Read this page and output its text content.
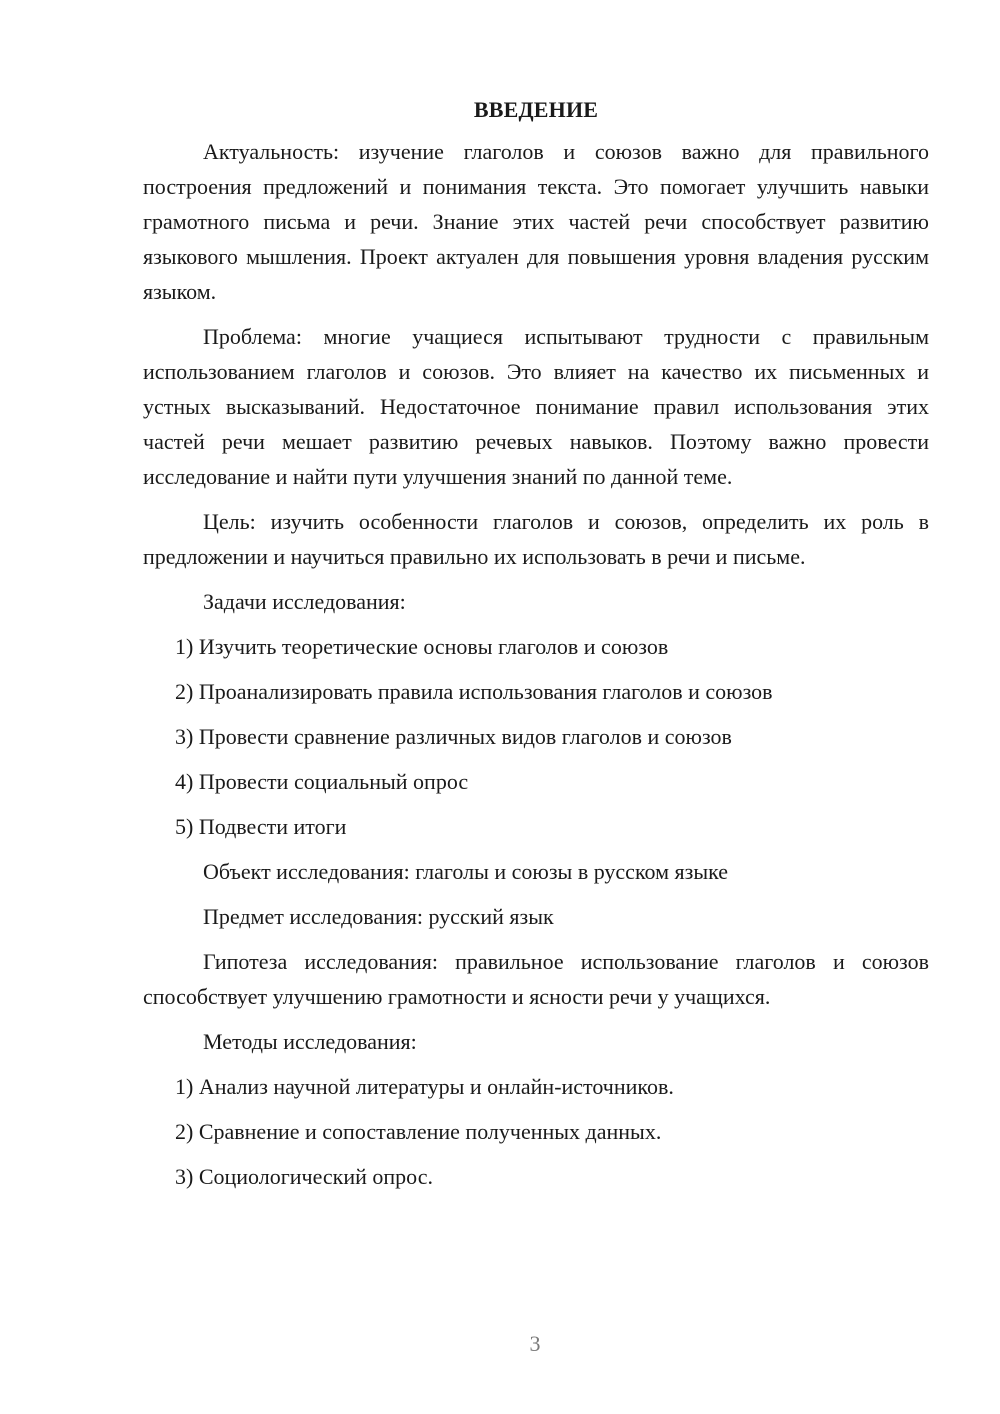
ВВЕДЕНИЕ

Актуальность: изучение глаголов и союзов важно для правильного построения предложений и понимания текста. Это помогает улучшить навыки грамотного письма и речи. Знание этих частей речи способствует развитию языкового мышления. Проект актуален для повышения уровня владения русским языком.

Проблема: многие учащиеся испытывают трудности с правильным использованием глаголов и союзов. Это влияет на качество их письменных и устных высказываний. Недостаточное понимание правил использования этих частей речи мешает развитию речевых навыков. Поэтому важно провести исследование и найти пути улучшения знаний по данной теме.

Цель: изучить особенности глаголов и союзов, определить их роль в предложении и научиться правильно их использовать в речи и письме.

Задачи исследования:

1) Изучить теоретические основы глаголов и союзов

2) Проанализировать правила использования глаголов и союзов

3) Провести сравнение различных видов глаголов и союзов

4) Провести социальный опрос

5) Подвести итоги

Объект исследования: глаголы и союзы в русском языке

Предмет исследования: русский язык

Гипотеза исследования: правильное использование глаголов и союзов способствует улучшению грамотности и ясности речи у учащихся.

Методы исследования:

1) Анализ научной литературы и онлайн-источников.

2) Сравнение и сопоставление полученных данных.

3) Социологический опрос.

3
